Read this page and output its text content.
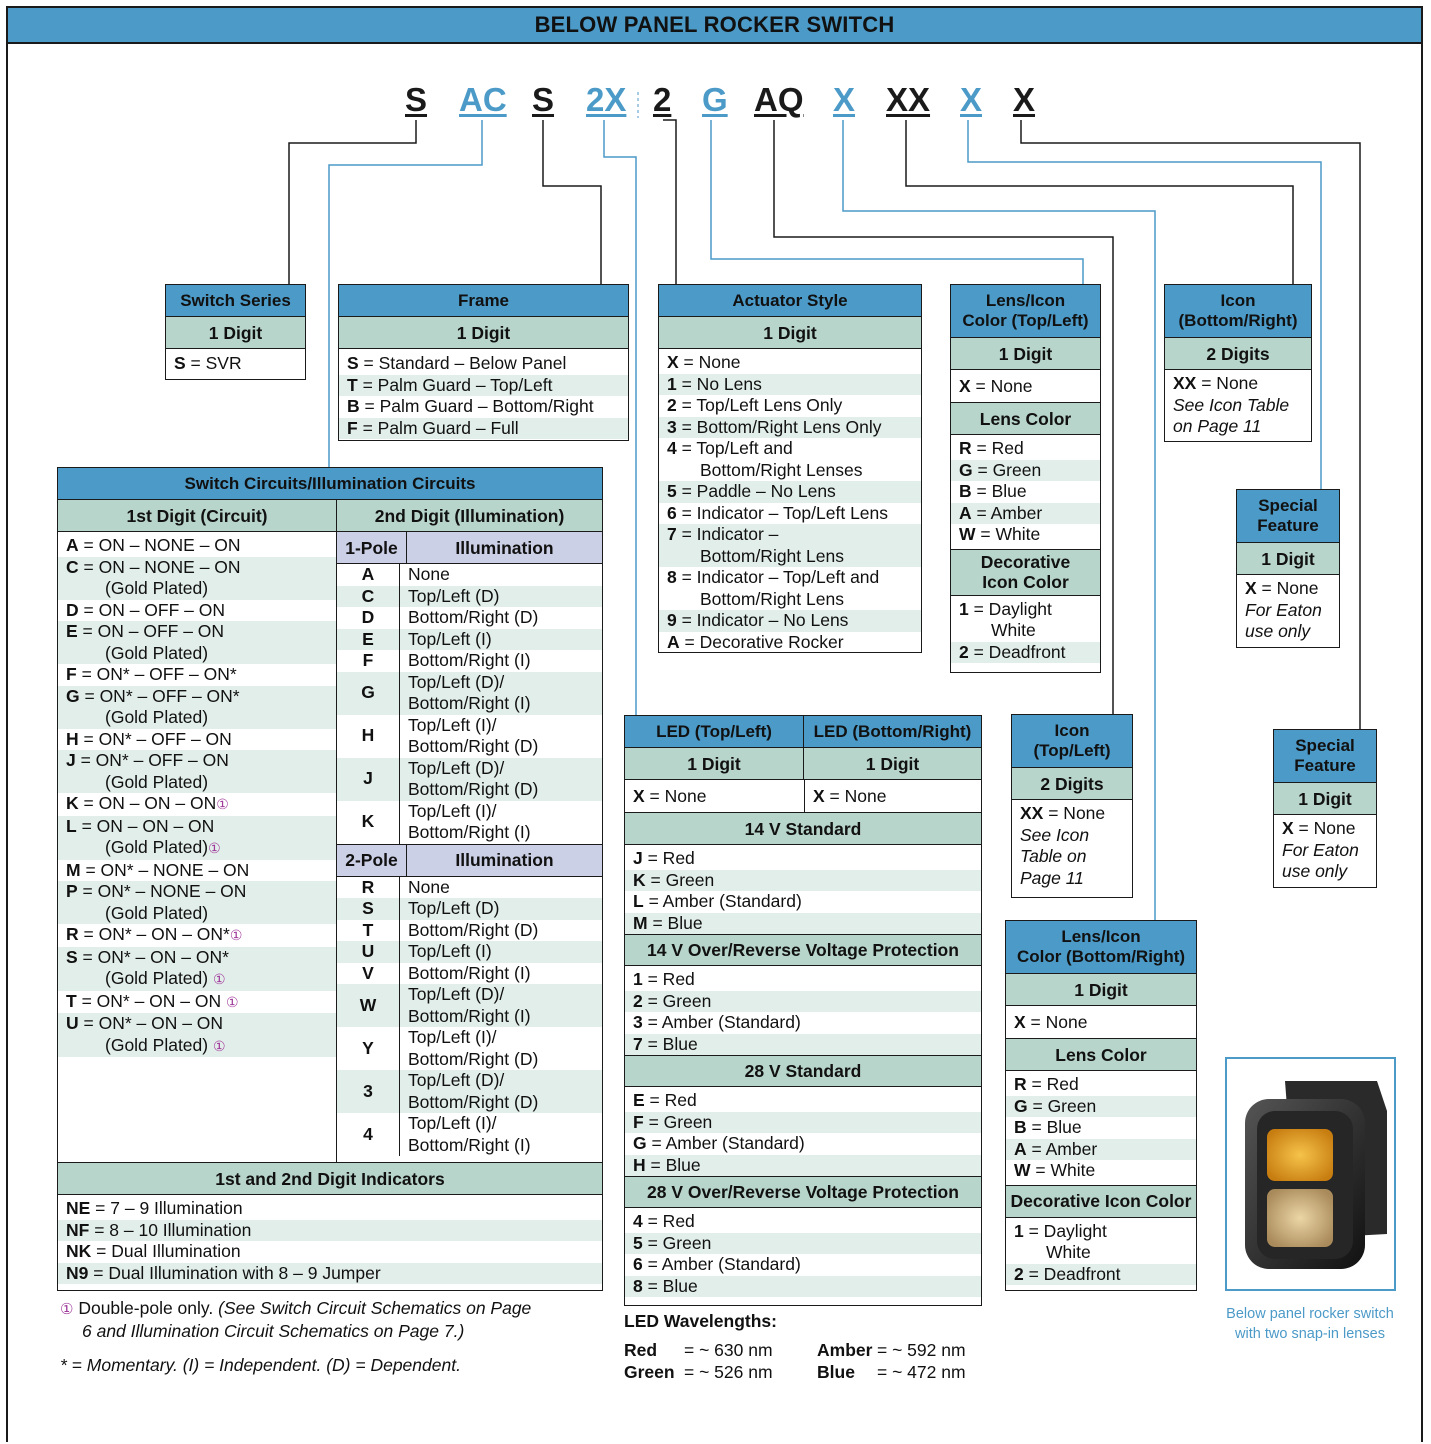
BELOW PANEL ROCKER SWITCH
S AC S 2X 2 G AQ X XX X X
Switch Series
1 Digit
S = SVR
Frame
1 Digit
S = Standard – Below Panel
T = Palm Guard – Top/Left
B = Palm Guard – Bottom/Right
F = Palm Guard – Full
Actuator Style
1 Digit
X = None
1 = No Lens
2 = Top/Left Lens Only
3 = Bottom/Right Lens Only
4 = Top/Left and
Bottom/Right Lenses
5 = Paddle – No Lens
6 = Indicator – Top/Left Lens
7 = Indicator –
Bottom/Right Lens
8 = Indicator – Top/Left and
Bottom/Right Lens
9 = Indicator – No Lens
A = Decorative Rocker
Lens/Icon
Color (Top/Left)
1 Digit
X = None
Lens Color
R = Red
G = Green
B = Blue
A = Amber
W = White
Decorative
Icon Color
1 = Daylight
White
2 = Deadfront
Icon
(Bottom/Right)
2 Digits
XX = None
See Icon Table
on Page 11
Special
Feature
1 Digit
X = None
For Eaton
use only
Special
Feature
1 Digit
X = None
For Eaton
use only
Icon
(Top/Left)
2 Digits
XX = None
See Icon
Table on
Page 11
Lens/Icon
Color (Bottom/Right)
1 Digit
X = None
Lens Color
R = Red
G = Green
B = Blue
A = Amber
W = White
Decorative Icon Color
1 = Daylight
White
2 = Deadfront
LED (Top/Left)	LED (Bottom/Right)
1 Digit	1 Digit
X = None	X = None
14 V Standard
J = Red
K = Green
L = Amber (Standard)
M = Blue
14 V Over/Reverse Voltage Protection
1 = Red
2 = Green
3 = Amber (Standard)
7 = Blue
28 V Standard
E = Red
F = Green
G = Amber (Standard)
H = Blue
28 V Over/Reverse Voltage Protection
4 = Red
5 = Green
6 = Amber (Standard)
8 = Blue
LED Wavelengths:
Red	= ~ 630 nm	Amber = ~ 592 nm
Green = ~ 526 nm	Blue	= ~ 472 nm
Switch Circuits/Illumination Circuits
1st Digit (Circuit)	2nd Digit (Illumination)
A = ON – NONE – ON
C = ON – NONE – ON
(Gold Plated)
D = ON – OFF – ON
E = ON – OFF – ON
(Gold Plated)
F = ON* – OFF – ON*
G = ON* – OFF – ON*
(Gold Plated)
H = ON* – OFF – ON
J = ON* – OFF – ON
(Gold Plated)
K = ON – ON – ON①
L = ON – ON – ON
(Gold Plated)①
M = ON* – NONE – ON
P = ON* – NONE – ON
(Gold Plated)
R = ON* – ON – ON*①
S = ON* – ON – ON*
(Gold Plated) ①
T = ON* – ON – ON ①
U = ON* – ON – ON
(Gold Plated) ①
1-Pole	Illumination
A	None

C	Top/Left (D)

D	Bottom/Right (D)

E	Top/Left (I)

F	Bottom/Right (I)

G	Top/Left (D)/
Bottom/Right (I)

H	Top/Left (I)/
Bottom/Right (D)

J	Top/Left (D)/
Bottom/Right (D)

K	Top/Left (I)/
Bottom/Right (I)
2-Pole	Illumination
R	None

S	Top/Left (D)

T	Bottom/Right (D)

U	Top/Left (I)

V	Bottom/Right (I)

W	Top/Left (D)/
Bottom/Right (I)

Y	Top/Left (I)/
Bottom/Right (D)

3	Top/Left (D)/
Bottom/Right (D)

4	Top/Left (I)/
Bottom/Right (I)
1st and 2nd Digit Indicators
NE = 7 – 9 Illumination
NF = 8 – 10 Illumination
NK = Dual Illumination
N9 = Dual Illumination with 8 – 9 Jumper
① Double-pole only. (See Switch Circuit Schematics on Page
6 and Illumination Circuit Schematics on Page 7.)
* = Momentary. (I) = Independent. (D) = Dependent.
Below panel rocker switch
with two snap-in lenses
